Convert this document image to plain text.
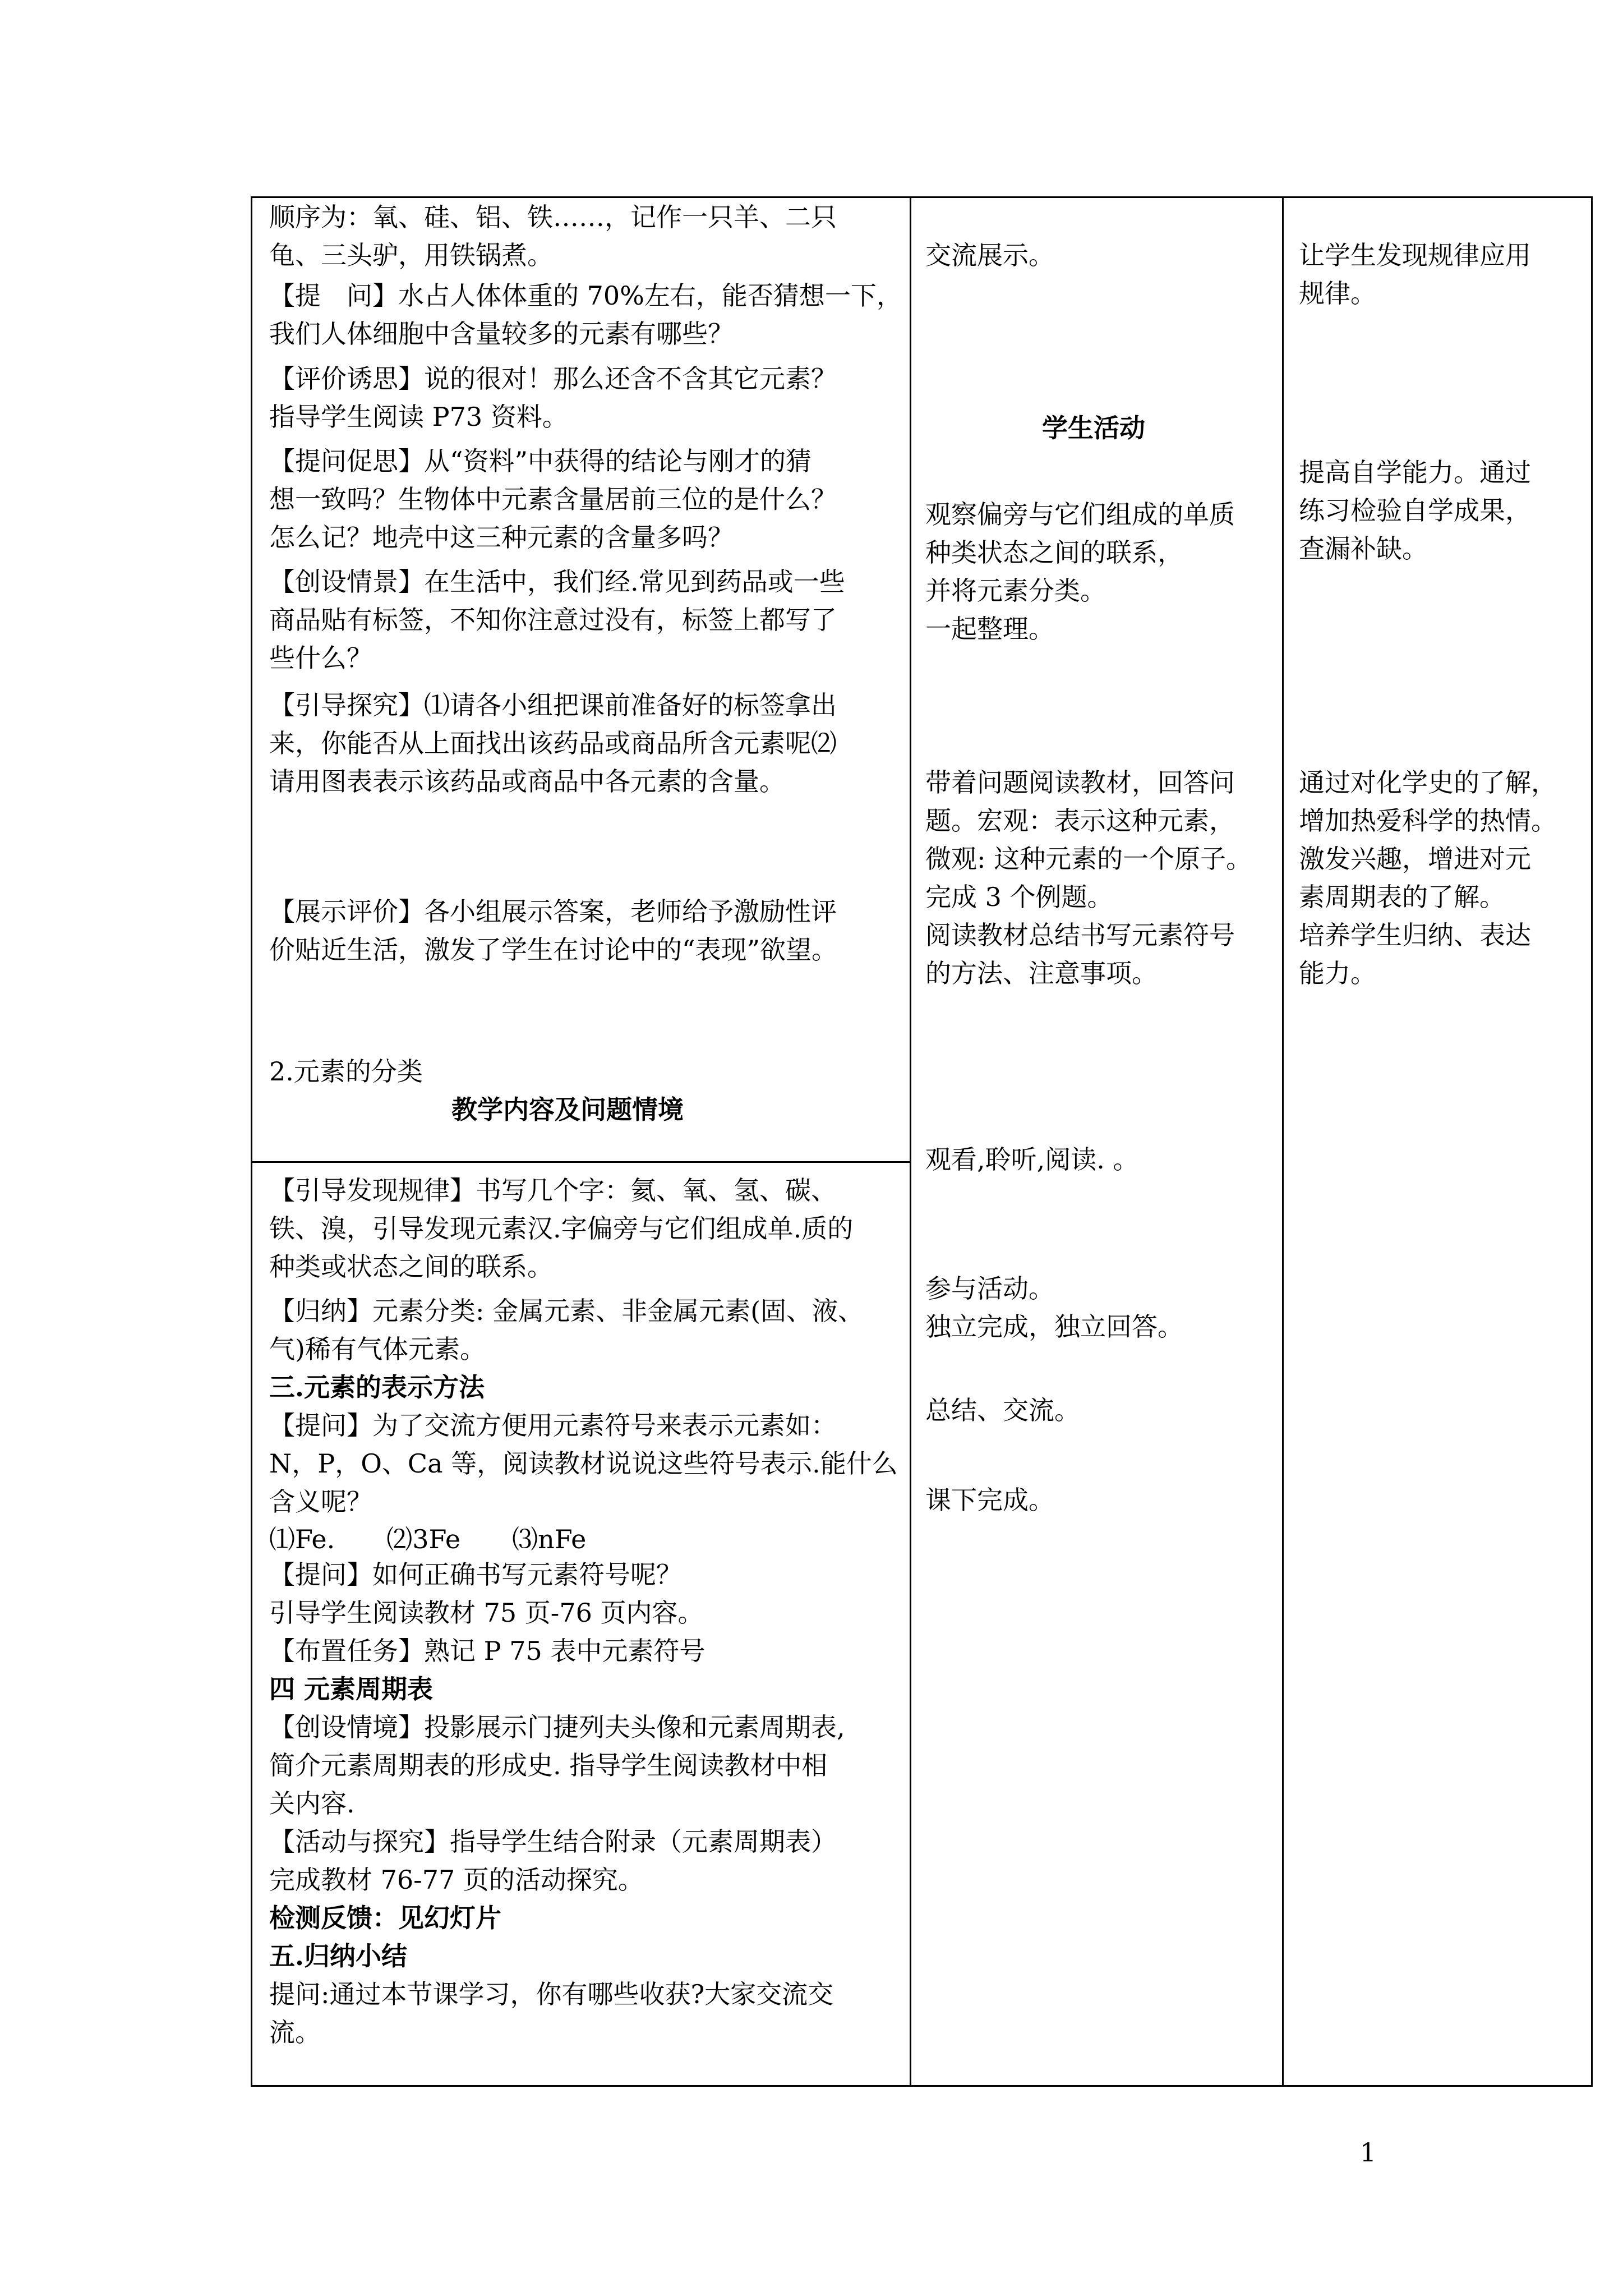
顺序为：氧、硅、铝、铁……，记作一只羊、二只
龟、三头驴，用铁锅煮。
【提　问】水占人体体重的 70%左右，能否猜想一下，
我们人体细胞中含量较多的元素有哪些？
【评价诱思】说的很对！那么还含不含其它元素？
指导学生阅读 P73 资料。
【提问促思】从“资料”中获得的结论与刚才的猜
想一致吗？生物体中元素含量居前三位的是什么？
怎么记？地壳中这三种元素的含量多吗？
【创设情景】在生活中，我们经.常见到药品或一些
商品贴有标签，不知你注意过没有，标签上都写了
些什么？
【引导探究】⑴请各小组把课前准备好的标签拿出
来，你能否从上面找出该药品或商品所含元素呢⑵
请用图表表示该药品或商品中各元素的含量。
【展示评价】各小组展示答案，老师给予激励性评
价贴近生活，激发了学生在讨论中的“表现”欲望。
2.元素的分类
教学内容及问题情境
【引导发现规律】书写几个字：氦、氧、氢、碳、
铁、溴，引导发现元素汉.字偏旁与它们组成单.质的
种类或状态之间的联系。
【归纳】元素分类: 金属元素、非金属元素(固、液、
气)稀有气体元素。
三.元素的表示方法
【提问】为了交流方便用元素符号来表示元素如：
N，P，O、Ca 等，阅读教材说说这些符号表示.能什么
含义呢？
⑴Fe.　　⑵3Fe　　⑶nFe
【提问】如何正确书写元素符号呢？
引导学生阅读教材 75 页-76 页内容。
【布置任务】熟记 P 75 表中元素符号
四 元素周期表
【创设情境】投影展示门捷列夫头像和元素周期表,
简介元素周期表的形成史. 指导学生阅读教材中相
关内容.
【活动与探究】指导学生结合附录（元素周期表）
完成教材 76-77 页的活动探究。
检测反馈：见幻灯片
五.归纳小结
提问:通过本节课学习，你有哪些收获?大家交流交
流。
交流展示。
学生活动
观察偏旁与它们组成的单质
种类状态之间的联系，
并将元素分类。
一起整理。
带着问题阅读教材，回答问
题。宏观：表示这种元素，
微观: 这种元素的一个原子。
完成 3 个例题。
阅读教材总结书写元素符号
的方法、注意事项。
观看,聆听,阅读. 。
参与活动。
独立完成，独立回答。
总结、交流。
课下完成。
让学生发现规律应用
规律。
提高自学能力。通过
练习检验自学成果，
查漏补缺。
通过对化学史的了解，
增加热爱科学的热情。
激发兴趣，增进对元
素周期表的了解。
培养学生归纳、表达
能力。
1
